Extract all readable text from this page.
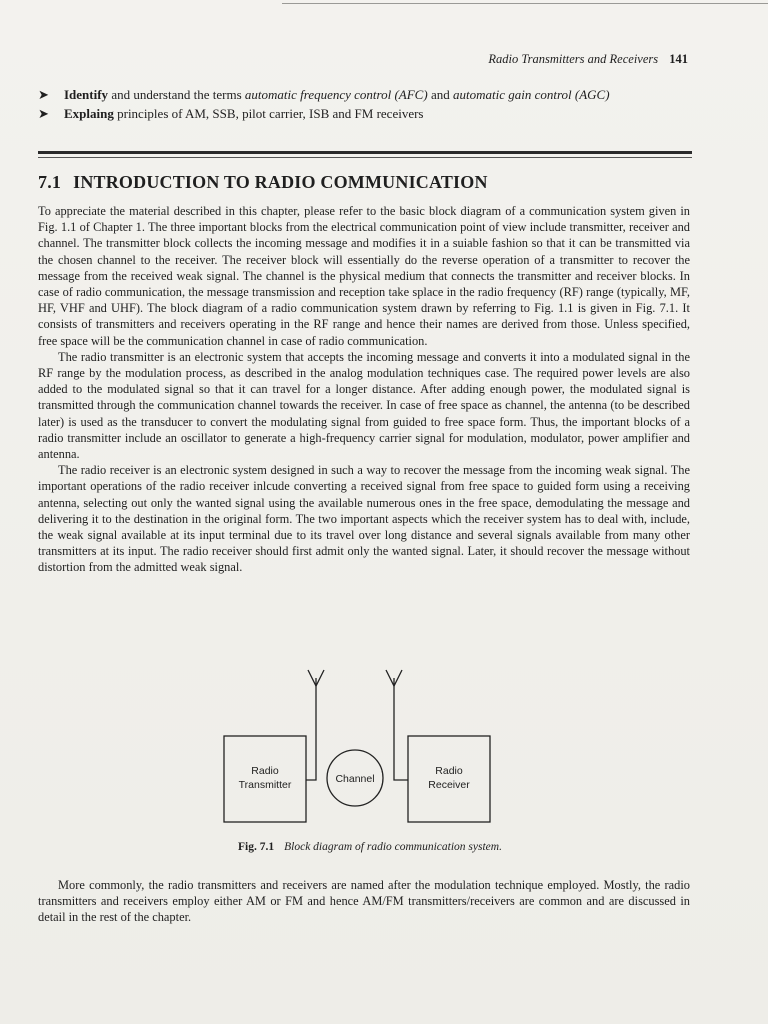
Radio Transmitters and Receivers 141
➤ Identify and understand the terms automatic frequency control (AFC) and automatic gain control (AGC)
➤ Explaing principles of AM, SSB, pilot carrier, ISB and FM receivers
7.1 INTRODUCTION TO RADIO COMMUNICATION

To appreciate the material described in this chapter, please refer to the basic block diagram of a communication system given in Fig. 1.1 of Chapter 1. The three important blocks from the electrical communication point of view include transmitter, receiver and channel. The transmitter block collects the incoming message and modifies it in a suiable fashion so that it can be transmitted via the chosen channel to the receiver. The receiver block will essentially do the reverse operation of a transmitter to recover the message from the received weak signal. The channel is the physical medium that connects the transmitter and receiver blocks. In case of radio communication, the message transmission and reception take splace in the radio frequency (RF) range (typically, MF, HF, VHF and UHF). The block diagram of a radio communication system drawn by referring to Fig. 1.1 is given in Fig. 7.1. It consists of transmitters and receivers operating in the RF range and hence their names are derived from those. Unless specified, free space will be the communication channel in case of radio communication.

The radio transmitter is an electronic system that accepts the incoming message and converts it into a modulated signal in the RF range by the modulation process, as described in the analog modulation techniques case. The required power levels are also added to the modulated signal so that it can travel for a longer distance. After adding enough power, the modulated signal is transmitted through the communication channel towards the receiver. In case of free space as channel, the antenna (to be described later) is used as the transducer to convert the modulating signal from guided to free space form. Thus, the important blocks of a radio transmitter include an oscillator to generate a high-frequency carrier signal for modulation, modulator, power amplifier and antenna.

The radio receiver is an electronic system designed in such a way to recover the message from the incoming weak signal. The important operations of the radio receiver inlcude converting a received signal from free space to guided form using a receiving antenna, selecting out only the wanted signal using the available numerous ones in the free space, demodulating the message and delivering it to the destination in the original form. The two important aspects which the receiver system has to deal with, include, the weak signal available at its input terminal due to its travel over long distance and several signals available from many other transmitters at its input. The radio receiver should first admit only the wanted signal. Later, it should recover the message without distortion from the admitted weak signal.

Radio
Transmitter	Channel
Radio
Receiver
Fig. 7.1 Block diagram of radio communication system.

More commonly, the radio transmitters and receivers are named after the modulation technique employed. Mostly, the radio transmitters and receivers employ either AM or FM and hence AM/FM transmitters/receivers are common and are discussed in detail in the rest of the chapter.
